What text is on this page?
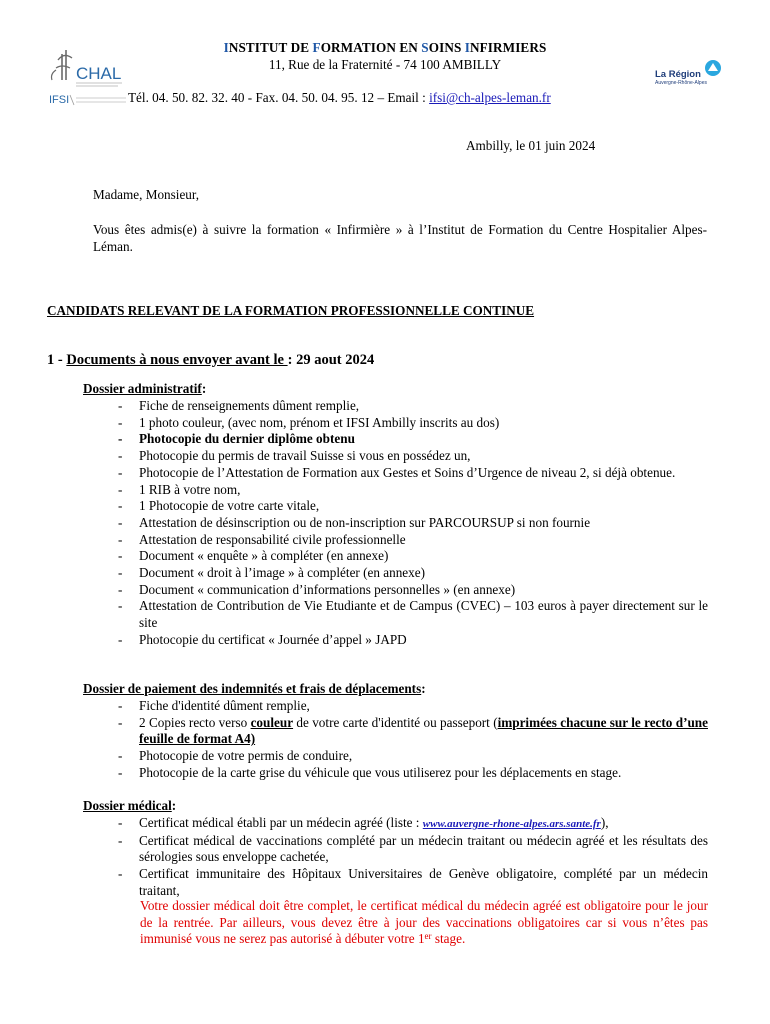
CHAL
IFSI
La Région
Auvergne-Rhône-Alpes
INSTITUT DE FORMATION EN SOINS INFIRMIERS
11, Rue de la Fraternité - 74 100 AMBILLY
Tél. 04. 50. 82. 32. 40 - Fax. 04. 50. 04. 95. 12 – Email : ifsi@ch-alpes-leman.fr
Ambilly, le 01 juin 2024
Madame, Monsieur,
Vous êtes admis(e) à suivre la formation « Infirmière » à l’Institut de Formation du Centre Hospitalier Alpes-Léman.
CANDIDATS RELEVANT DE LA FORMATION PROFESSIONNELLE CONTINUE
1 - Documents à nous envoyer avant le : 29 aout 2024
Dossier administratif:
- Fiche de renseignements dûment remplie,
- 1 photo couleur, (avec nom, prénom et IFSI Ambilly inscrits au dos)
- Photocopie du dernier diplôme obtenu
- Photocopie du permis de travail Suisse si vous en possédez un,
- Photocopie de l’Attestation de Formation aux Gestes et Soins d’Urgence de niveau 2, si déjà obtenue.
- 1 RIB à votre nom,
- 1 Photocopie de votre carte vitale,
- Attestation de désinscription ou de non-inscription sur PARCOURSUP si non fournie
- Attestation de responsabilité civile professionnelle
- Document « enquête » à compléter (en annexe)
- Document « droit à l’image » à compléter (en annexe)
- Document « communication d’informations personnelles » (en annexe)
- Attestation de Contribution de Vie Etudiante et de Campus (CVEC) – 103 euros à payer directement sur le site
- Photocopie du certificat « Journée d’appel » JAPD
Dossier de paiement des indemnités et frais de déplacements:
- Fiche d'identité dûment remplie,
- 2 Copies recto verso couleur de votre carte d'identité ou passeport (imprimées chacune sur le recto d’une feuille de format A4)
- Photocopie de votre permis de conduire,
- Photocopie de la carte grise du véhicule que vous utiliserez pour les déplacements en stage.
Dossier médical:
- Certificat médical établi par un médecin agréé (liste : www.auvergne-rhone-alpes.ars.sante.fr),
- Certificat médical de vaccinations complété par un médecin traitant ou médecin agréé et les résultats des sérologies sous enveloppe cachetée,
- Certificat immunitaire des Hôpitaux Universitaires de Genève obligatoire, complété par un médecin traitant,
Votre dossier médical doit être complet, le certificat médical du médecin agréé est obligatoire pour le jour de la rentrée. Par ailleurs, vous devez être à jour des vaccinations obligatoires car si vous n’êtes pas immunisé vous ne serez pas autorisé à débuter votre 1er stage.
